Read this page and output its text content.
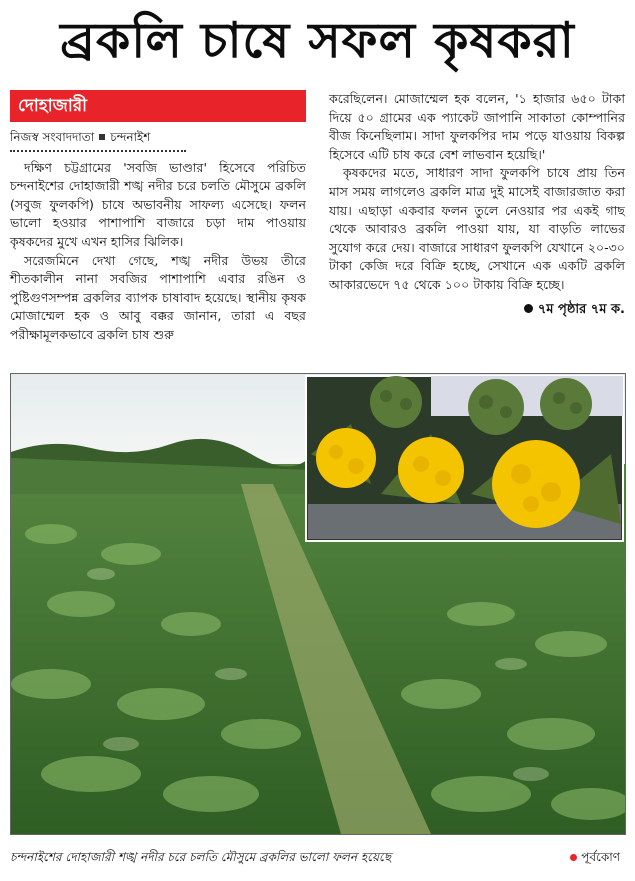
ব্রকলি চাষে সফল কৃষকরা
দোহাজারী
নিজস্ব সংবাদদাতা চন্দনাইশ

দক্ষিণ চট্টগ্রামের 'সবজি ভাণ্ডার' হিসেবে পরিচিত চন্দনাইশের দোহাজারী শঙ্খ নদীর চরে চলতি মৌসুমে ব্রকলি (সবুজ ফুলকপি) চাষে অভাবনীয় সাফল্য এসেছে। ফলন ভালো হওয়ার পাশাপাশি বাজারে চড়া দাম পাওয়ায় কৃষকদের মুখে এখন হাসির ঝিলিক।

সরেজমিনে দেখা গেছে, শঙ্খ নদীর উভয় তীরে শীতকালীন নানা সবজির পাশাপাশি এবার রঙিন ও পুষ্টিগুণসম্পন্ন ব্রকলির ব্যাপক চাষাবাদ হয়েছে। স্থানীয় কৃষক মোজাম্মেল হক ও আবু বক্কর জানান, তারা এ বছর পরীক্ষামূলকভাবে ব্রকলি চাষ শুরু

করেছিলেন। মোজাম্মেল হক বলেন, '১ হাজার ৬৫০ টাকা দিয়ে ৫০ গ্রামের এক প্যাকেট জাপানি সাকাতা কোম্পানির বীজ কিনেছিলাম। সাদা ফুলকপির দাম পড়ে যাওয়ায় বিকল্প হিসেবে এটি চাষ করে বেশ লাভবান হয়েছি।'

কৃষকদের মতে, সাধারণ সাদা ফুলকপি চাষে প্রায় তিন মাস সময় লাগলেও ব্রকলি মাত্র দুই মাসেই বাজারজাত করা যায়। এছাড়া একবার ফলন তুলে নেওয়ার পর একই গাছ থেকে আবারও ব্রকলি পাওয়া যায়, যা বাড়তি লাভের সুযোগ করে দেয়। বাজারে সাধারণ ফুলকপি যেখানে ২০-৩০ টাকা কেজি দরে বিক্রি হচ্ছে, সেখানে এক একটি ব্রকলি আকারভেদে ৭৫ থেকে ১০০ টাকায় বিক্রি হচ্ছে।

৭ম পৃষ্ঠার ৭ম ক.
চন্দনাইশের দোহাজারী শঙ্খ নদীর চরে চলতি মৌসুমে ব্রকলির ভালো ফলন হয়েছে	পূর্বকোণ
